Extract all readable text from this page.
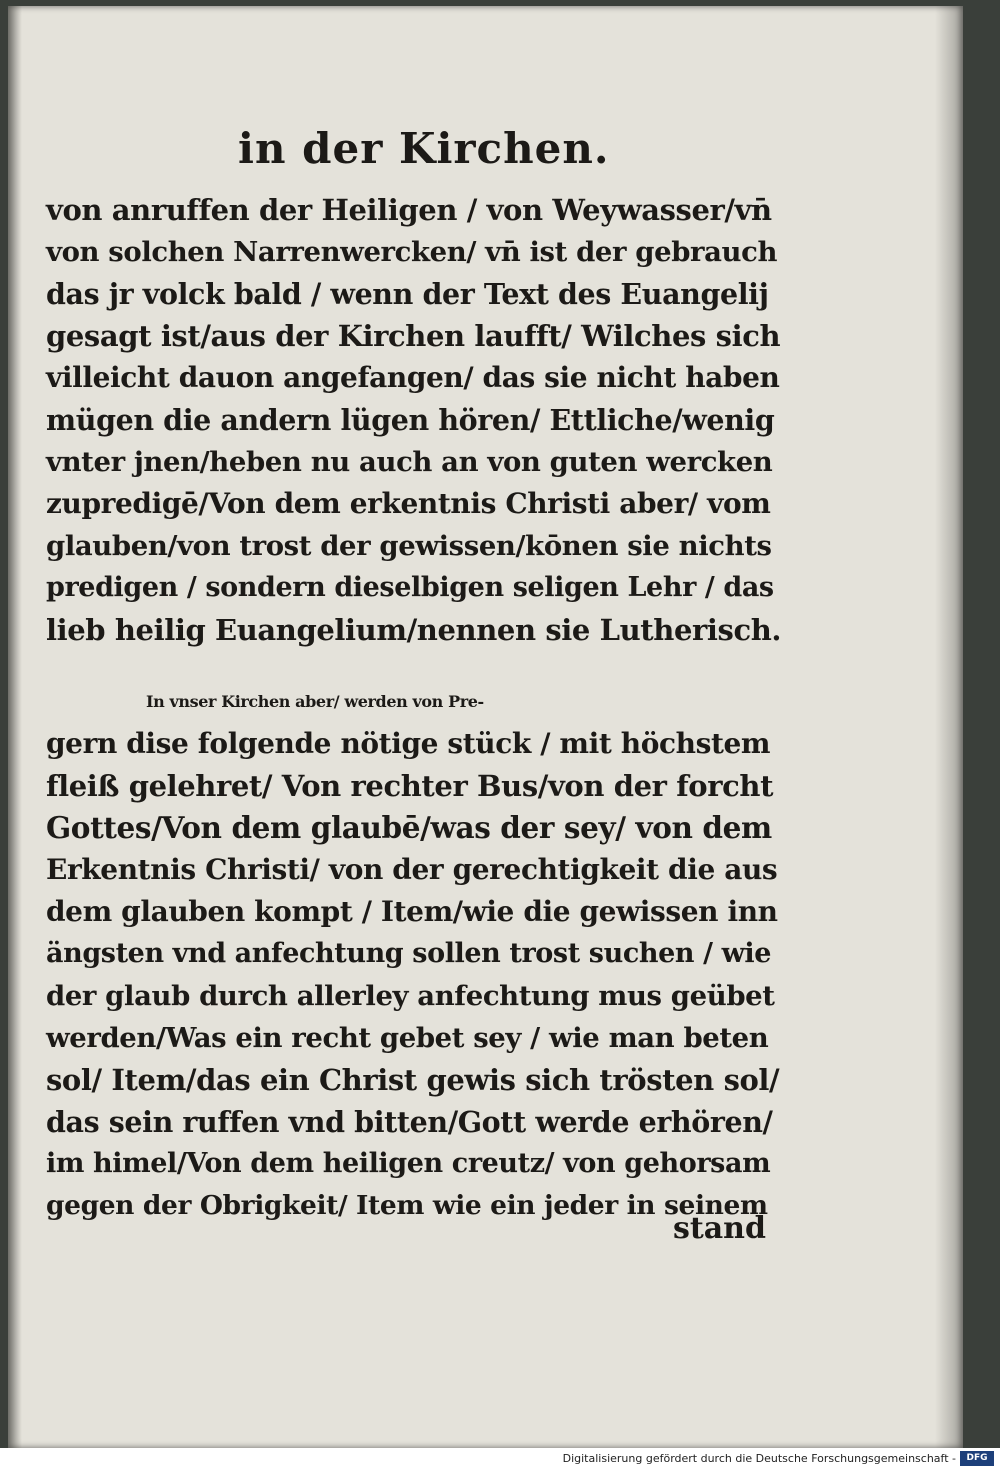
in der Kirchen.
von anruffen der Heiligen / von Weywasser/vn̄
von solchen Narrenwercken/ vn̄ ist der gebrauch
das jr volck bald / wenn der Text des Euangelij
gesagt ist/aus der Kirchen laufft/ Wilches sich
villeicht dauon angefangen/ das sie nicht haben
mügen die andern lügen hören/ Ettliche/wenig
vnter jnen/heben nu auch an von guten wercken
zupredigē/Von dem erkentnis Christi aber/ vom
glauben/von trost der gewissen/kōnen sie nichts
predigen / sondern dieselbigen seligen Lehr / das
lieb heilig Euangelium/nennen sie Lutherisch.
In vnser Kirchen aber/ werden von Pre-
gern dise folgende nötige stück / mit höchstem
fleiß gelehret/ Von rechter Bus/von der forcht
Gottes/Von dem glaubē/was der sey/ von dem
Erkentnis Christi/ von der gerechtigkeit die aus
dem glauben kompt / Item/wie die gewissen inn
ängsten vnd anfechtung sollen trost suchen / wie
der glaub durch allerley anfechtung mus geübet
werden/Was ein recht gebet sey / wie man beten
sol/ Item/das ein Christ gewis sich trösten sol/
das sein ruffen vnd bitten/Gott werde erhören/
im himel/Von dem heiligen creutz/ von gehorsam
gegen der Obrigkeit/ Item wie ein jeder in seinem
stand
Digitalisierung gefördert durch die Deutsche Forschungsgemeinschaft -	DFG
